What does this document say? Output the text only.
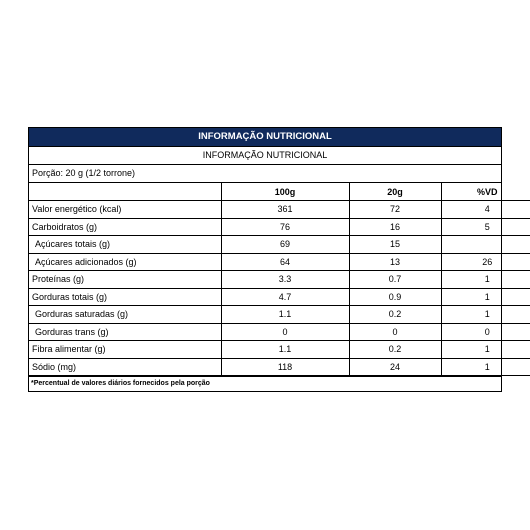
INFORMAÇÃO NUTRICIONAL
INFORMAÇÃO NUTRICIONAL
Porção: 20 g (1/2 torrone)
	100g	20g	%VD
Valor energético (kcal)	361	72	4
Carboidratos (g)	76	16	5
Açúcares totais (g)	69	15	
Açúcares adicionados (g)	64	13	26
Proteínas (g)	3.3	0.7	1
Gorduras totais (g)	4.7	0.9	1
Gorduras saturadas (g)	1.1	0.2	1
Gorduras trans (g)	0	0	0
Fibra alimentar (g)	1.1	0.2	1
Sódio (mg)	118	24	1
*Percentual de valores diários fornecidos pela porção
